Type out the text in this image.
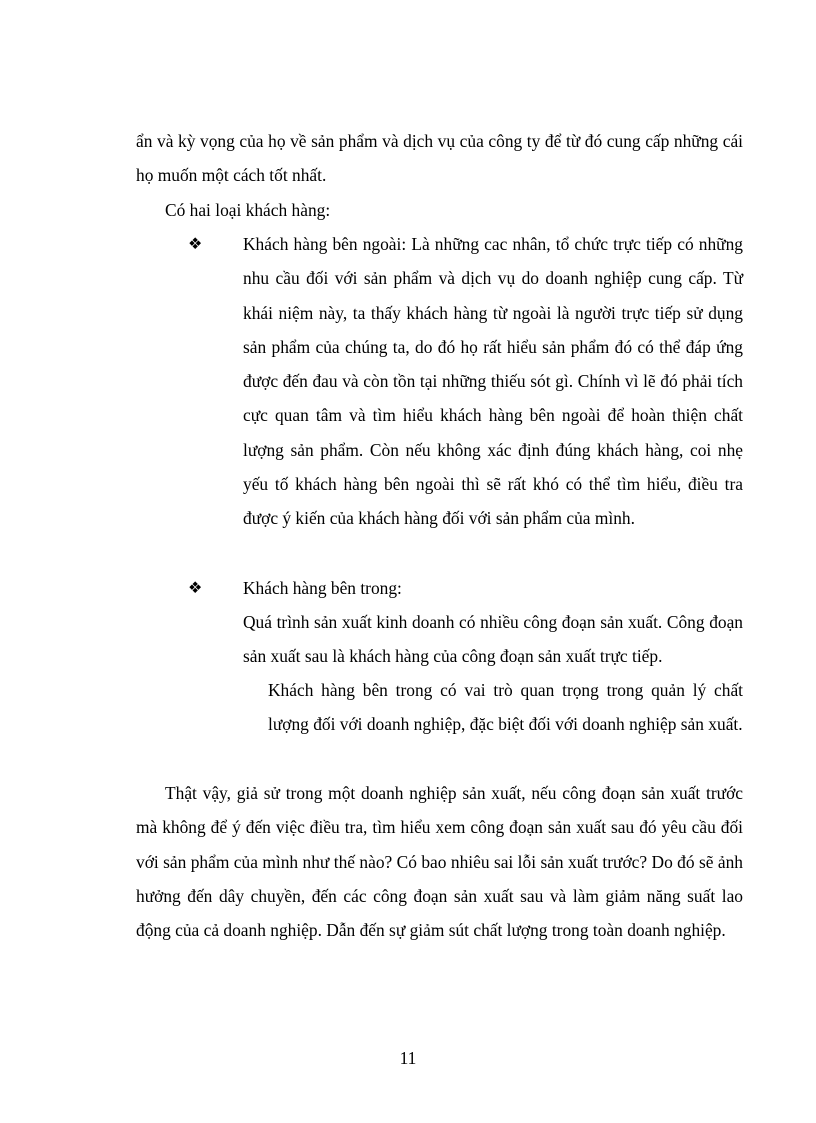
ẩn và kỳ vọng của họ về sản phẩm và dịch vụ của công ty để từ đó cung cấp những cái họ muốn một cách tốt nhất.

Có hai loại khách hàng:

❖	Khách hàng bên ngoài: Là những cac nhân, tổ chức trực tiếp có những nhu cầu đối với sản phẩm và dịch vụ do doanh nghiệp cung cấp. Từ khái niệm này, ta thấy khách hàng từ ngoài là người trực tiếp sử dụng sản phẩm của chúng ta, do đó họ rất hiểu sản phẩm đó có thể đáp ứng được đến đau và còn tồn tại những thiếu sót gì. Chính vì lẽ đó phải tích cực quan tâm và tìm hiểu khách hàng bên ngoài để hoàn thiện chất lượng sản phẩm. Còn nếu không xác định đúng khách hàng, coi nhẹ yếu tố khách hàng bên ngoài thì sẽ rất khó có thể tìm hiểu, điều tra được ý kiến của khách hàng đối với sản phẩm của mình.

❖	Khách hàng bên trong:

Quá trình sản xuất kinh doanh có nhiều công đoạn sản xuất. Công đoạn sản xuất sau là khách hàng của công đoạn sản xuất trực tiếp.

Khách hàng bên trong có vai trò quan trọng trong quản lý chất lượng đối với doanh nghiệp, đặc biệt đối với doanh nghiệp sản xuất.

Thật vậy, giả sử trong một doanh nghiệp sản xuất, nếu công đoạn sản xuất trước mà không để ý đến việc điều tra, tìm hiểu xem công đoạn sản xuất sau đó yêu cầu đối với sản phẩm của mình như thế nào? Có bao nhiêu sai lỗi sản xuất trước? Do đó sẽ ảnh hưởng đến dây chuyền, đến các công đoạn sản xuất sau và làm giảm năng suất lao động của cả doanh nghiệp. Dẫn đến sự giảm sút chất lượng trong toàn doanh nghiệp.

11
